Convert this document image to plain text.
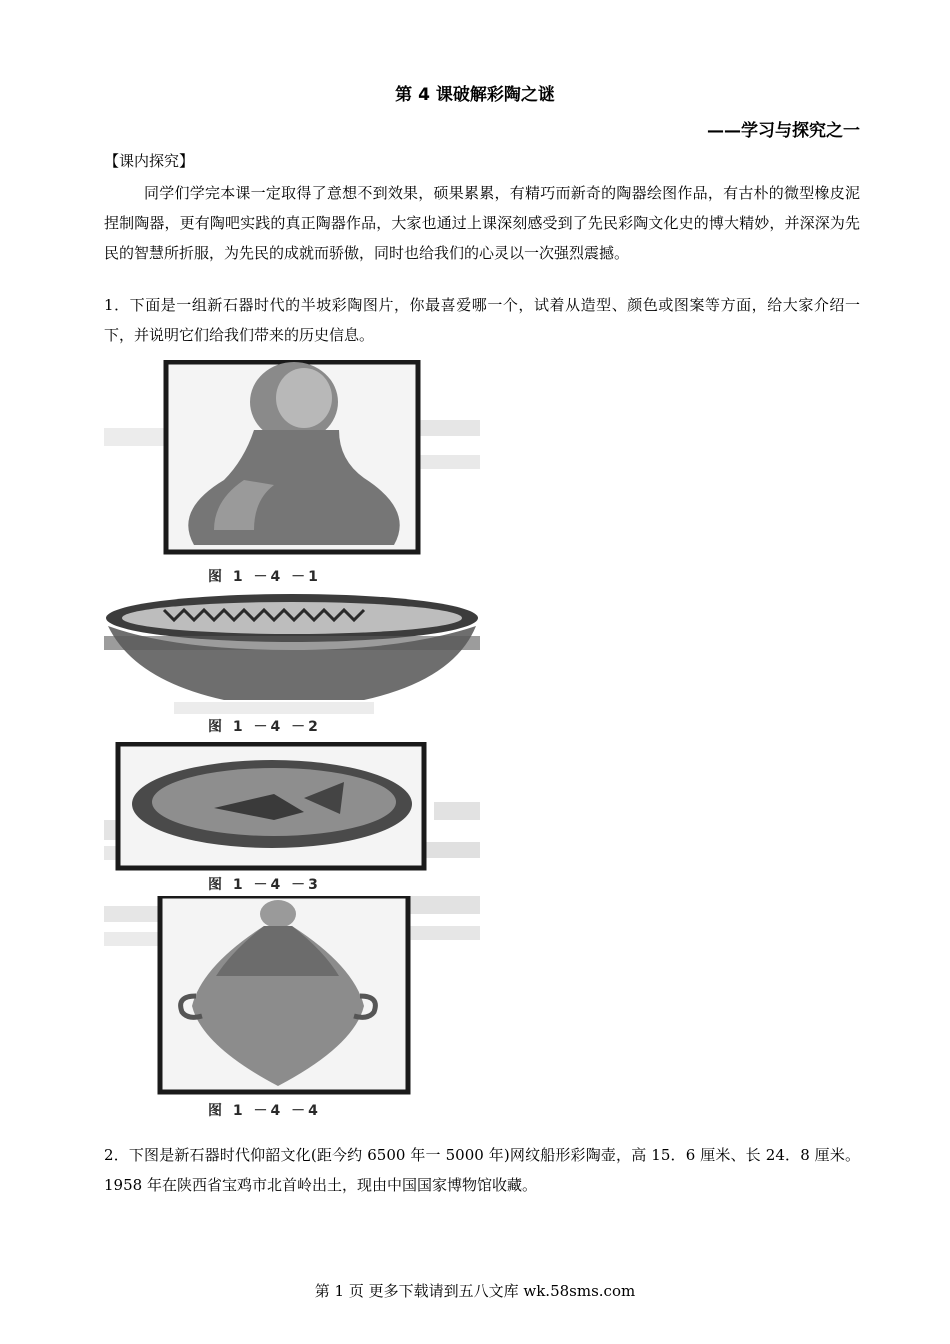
第 4 课破解彩陶之谜
——学习与探究之一
【课内探究】

同学们学完本课一定取得了意想不到效果，硕果累累，有精巧而新奇的陶器绘图作品，有古朴的微型橡皮泥捏制陶器，更有陶吧实践的真正陶器作品，大家也通过上课深刻感受到了先民彩陶文化史的博大精妙，并深深为先民的智慧所折服，为先民的成就而骄傲，同时也给我们的心灵以一次强烈震撼。

1．下面是一组新石器时代的半坡彩陶图片，你最喜爱哪一个，试着从造型、颜色或图案等方面，给大家介绍一下，并说明它们给我们带来的历史信息。

图 1 －4 －1
图 1 －4 －2
图 1 －4 －3
图 1 －4 －4

2．下图是新石器时代仰韶文化(距今约 6500 年一 5000 年)网纹船形彩陶壶，高 15．6 厘米、长 24．8 厘米。1958 年在陕西省宝鸡市北首岭出土，现由中国国家博物馆收藏。

第 1 页 更多下载请到五八文库 wk.58sms.com
